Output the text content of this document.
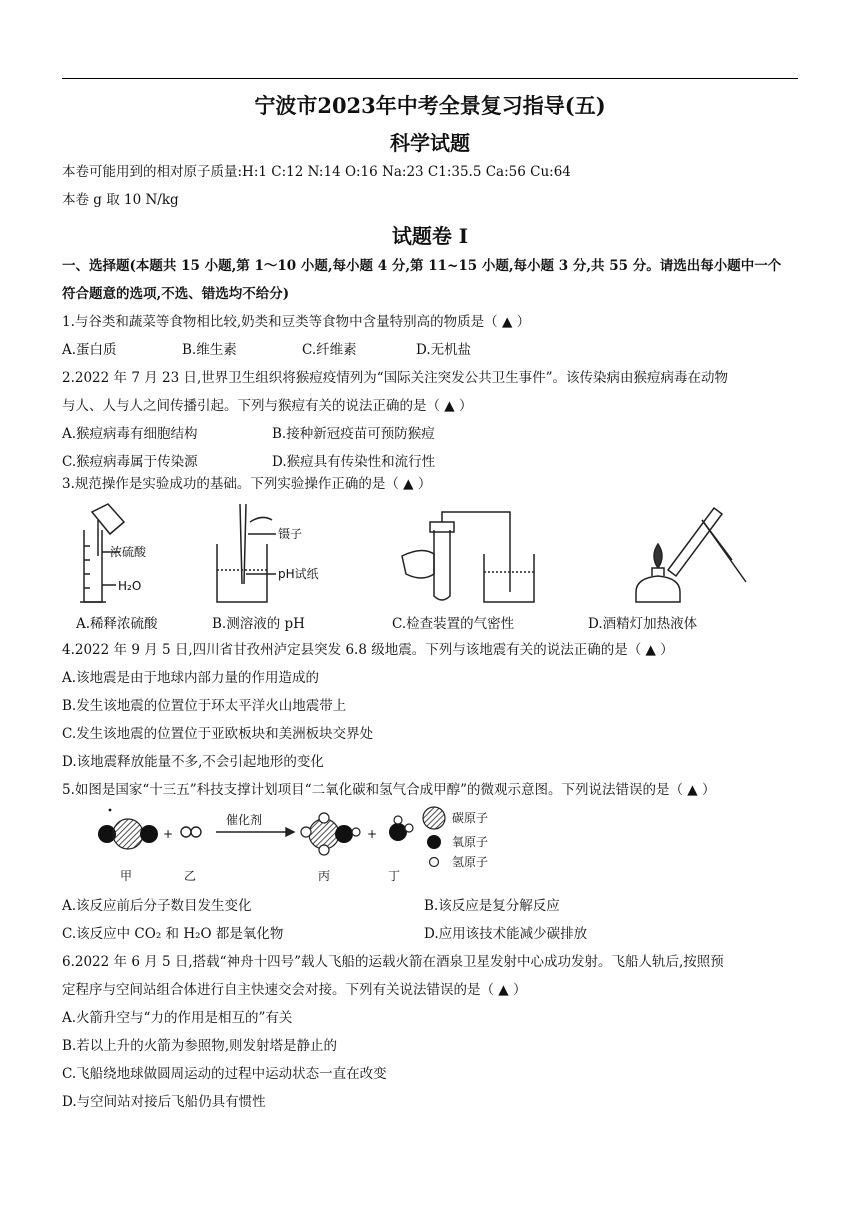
宁波市2023年中考全景复习指导(五)
科学试题
本卷可能用到的相对原子质量:H:1 C:12 N:14 O:16 Na:23 C1:35.5 Ca:56 Cu:64
本卷 g 取 10 N/kg
试题卷 I
一、选择题(本题共 15 小题,第 1～10 小题,每小题 4 分,第 11~15 小题,每小题 3 分,共 55 分。请选出每小题中一个
符合题意的选项,不选、错选均不给分)
1.与谷类和蔬菜等食物相比较,奶类和豆类等食物中含量特别高的物质是（ ▲ ）
A.蛋白质	B.维生素	C.纤维素	D.无机盐
2.2022 年 7 月 23 日,世界卫生组织将猴痘疫情列为“国际关注突发公共卫生事件”。该传染病由猴痘病毒在动物
与人、人与人之间传播引起。下列与猴痘有关的说法正确的是（ ▲ ）
A.猴痘病毒有细胞结构	B.接种新冠疫苗可预防猴痘
C.猴痘病毒属于传染源	D.猴痘具有传染性和流行性
3.规范操作是实验成功的基础。下列实验操作正确的是（ ▲ ）
浓硫酸
H₂O
镊子
pH试纸
A.稀释浓硫酸	B.测溶液的 pH	C.检查装置的气密性	D.酒精灯加热液体
4.2022 年 9 月 5 日,四川省甘孜州泸定县突发 6.8 级地震。下列与该地震有关的说法正确的是（ ▲ ）
A.该地震是由于地球内部力量的作用造成的
B.发生该地震的位置位于环太平洋火山地震带上
C.发生该地震的位置位于亚欧板块和美洲板块交界处
D.该地震释放能量不多,不会引起地形的变化
5.如图是国家“十三五”科技支撑计划项目“二氧化碳和氢气合成甲醇”的微观示意图。下列说法错误的是（ ▲ ）
催化剂
+	+
甲	乙	丙	丁
碳原子
氧原子
氢原子
A.该反应前后分子数目发生变化	B.该反应是复分解反应
C.该反应中 CO₂ 和 H₂O 都是氧化物	D.应用该技术能减少碳排放
6.2022 年 6 月 5 日,搭载“神舟十四号”载人飞船的运载火箭在酒泉卫星发射中心成功发射。飞船人轨后,按照预
定程序与空间站组合体进行自主快速交会对接。下列有关说法错误的是（ ▲ ）
A.火箭升空与“力的作用是相互的”有关
B.若以上升的火箭为参照物,则发射塔是静止的
C.飞船绕地球做圆周运动的过程中运动状态一直在改变
D.与空间站对接后飞船仍具有惯性
